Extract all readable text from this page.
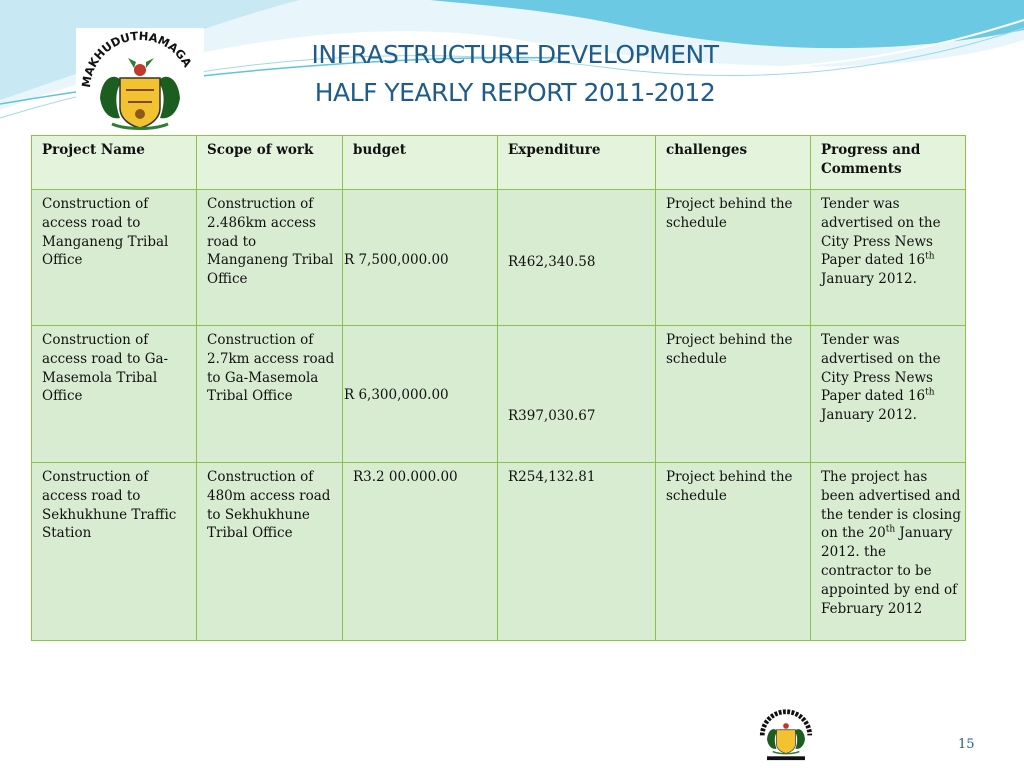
INFRASTRUCTURE DEVELOPMENT
HALF YEARLY REPORT 2011-2012
MAKHUDUTHAMAGA
Project Name	Scope of work	budget	Expenditure	challenges	Progress and Comments
Construction of access road to Manganeng Tribal Office	Construction of 2.486km access road to Manganeng Tribal Office	R 7,500,000.00	R462,340.58	Project behind the schedule	Tender was advertised on the City Press News Paper dated 16th January 2012.
Construction of access road to Ga-Masemola Tribal Office	Construction of 2.7km access road to Ga-Masemola Tribal Office	R 6,300,000.00	R397,030.67	Project behind the schedule	Tender was advertised on the City Press News Paper dated 16th January 2012.
Construction of access road to Sekhukhune Traffic Station	Construction of 480m access road to Sekhukhune Tribal Office	R3.2 00.000.00	R254,132.81	Project behind the schedule	The project has been advertised and the tender is closing on the 20th January 2012. the contractor to be appointed by end of February 2012
15
